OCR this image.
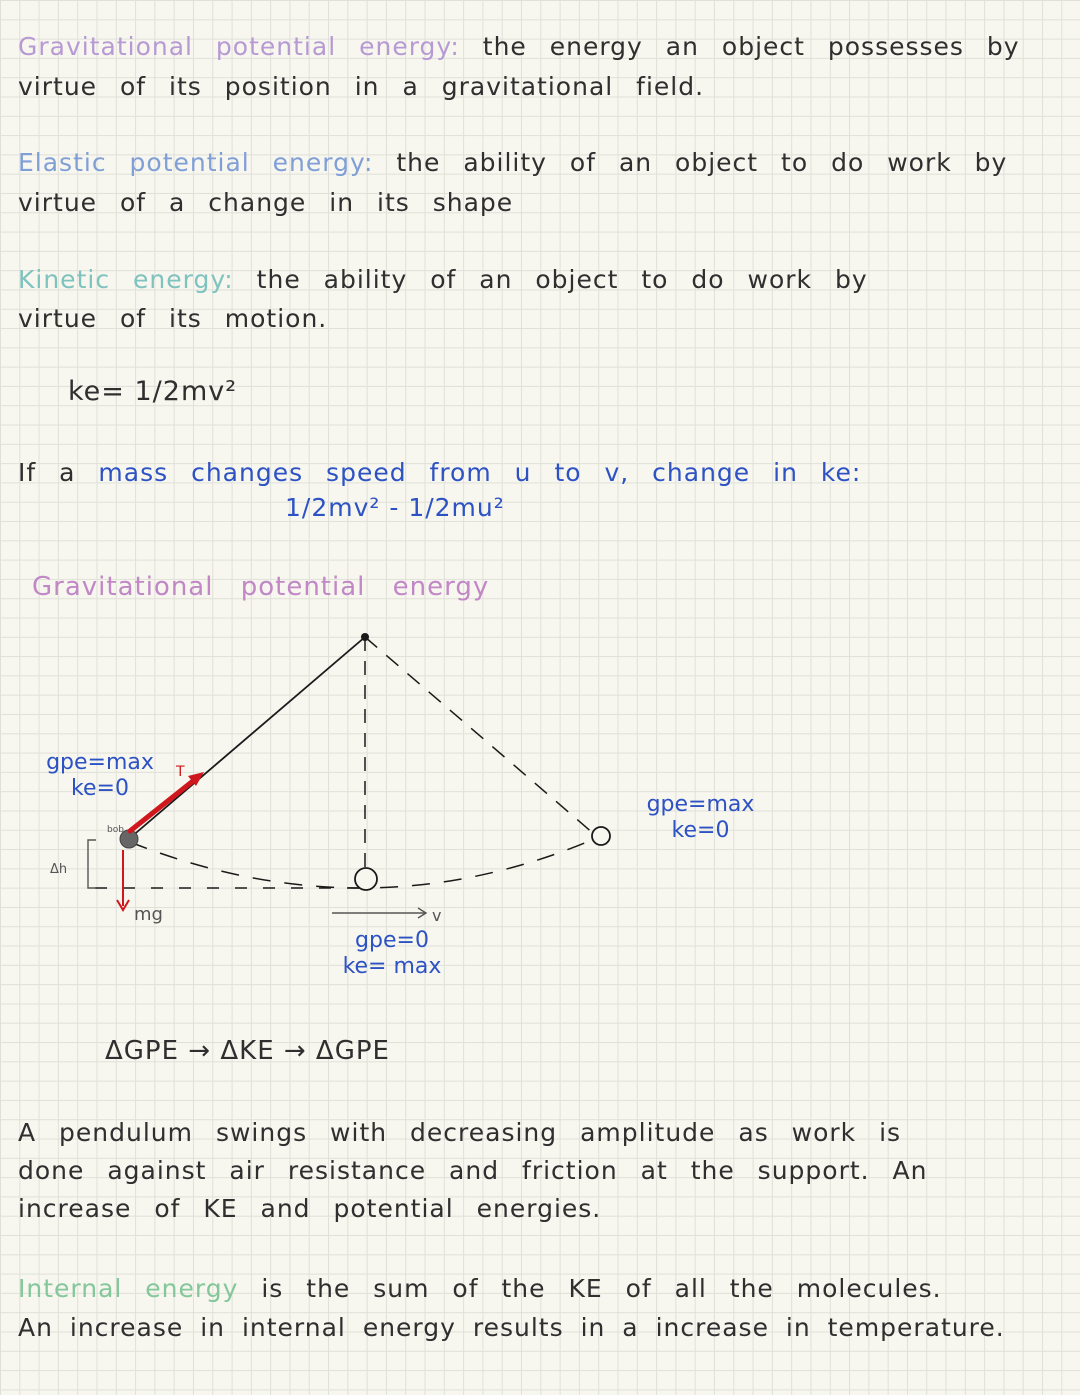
Gravitational potential energy: the energy an object possesses by
virtue of its position in a gravitational field.
Elastic potential energy: the ability of an object to do work by
virtue of a change in its shape
Kinetic energy: the ability of an object to do work by
virtue of its motion.
ke= 1/2mv²
If a mass changes speed from u to v, change in ke:
1/2mv² - 1/2mu²
Gravitational potential energy
T
bob
mg
Δh
v
gpe=max
ke=0
gpe=max
ke=0
gpe=0
ke= max
ΔGPE → ΔKE → ΔGPE
A pendulum swings with decreasing amplitude as work is
done against air resistance and friction at the support. An
increase of KE and potential energies.
Internal energy is the sum of the KE of all the molecules.
An increase in internal energy results in a increase in temperature.
